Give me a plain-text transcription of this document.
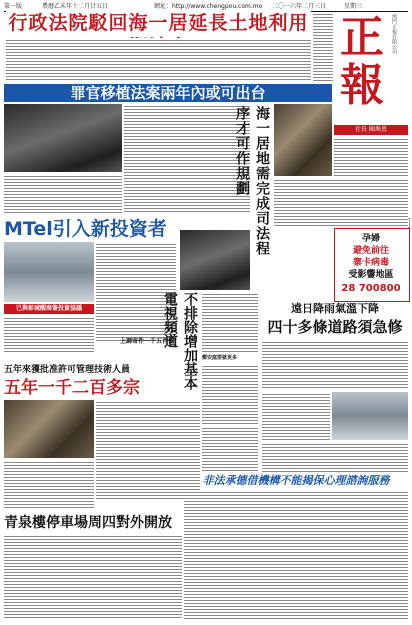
第一版	農曆乙未年十二月廿五日	網址：http://www.chengpou.com.mo 二〇一六年二月三日	星期三
行政法院駁回海一居延長土地利用 正
報
澳門正報有限公司
社長 陳煥恩
罪官移植法案兩年內或可出台
海一居地需完成司法程序才可作規劃
MTel引入新投資者
已與彰城醒商簽投資協議
上調寄件一千五百個 不排除增加基本電視頻道
鄭安庭要就更多
孕婦
避免前往
寨卡病毒
受影響地區
28 700800
遠日降雨氣溫下降
四十多條道路須急修
五年來獲批准許可管理技術人員
五年一千二百多宗
非法承德借機構不能揭保心理諮詢服務
青泉樓停車場周四對外開放
